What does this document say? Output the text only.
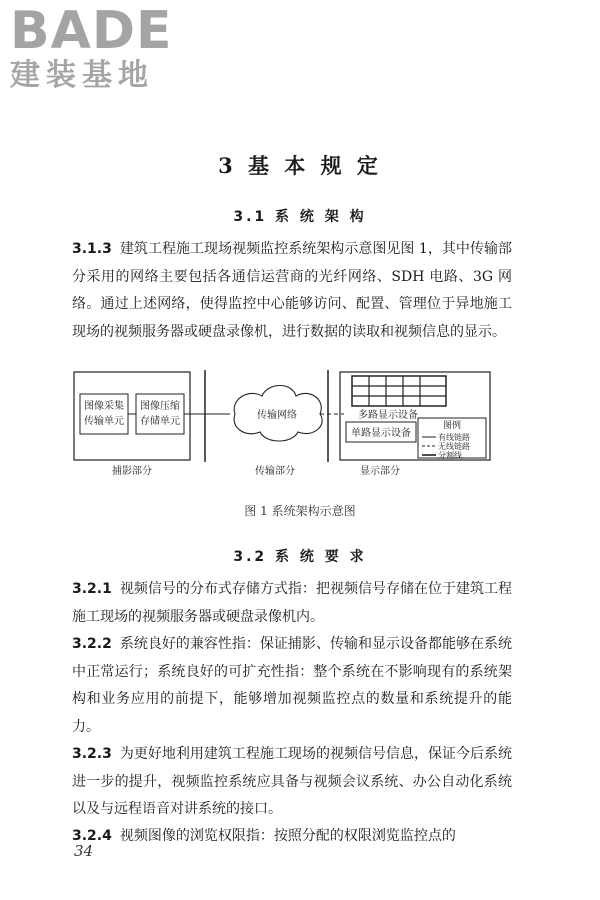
BADE
建装基地
3 基 本 规 定
3.1 系 统 架 构
3.1.3 建筑工程施工现场视频监控系统架构示意图见图 1，其中传输部分采用的网络主要包括各通信运营商的光纤网络、SDH 电路、3G 网络。通过上述网络，使得监控中心能够访问、配置、管理位于异地施工现场的视频服务器或硬盘录像机，进行数据的读取和视频信息的显示。
图像采集
传输单元
图像压缩
存储单元
捕影部分
传输网络
传输部分
多路显示设备
单路显示设备
显示部分
图例
有线链路
无线链路
分割线
图 1 系统架构示意图
3.2 系 统 要 求
3.2.1 视频信号的分布式存储方式指：把视频信号存储在位于建筑工程施工现场的视频服务器或硬盘录像机内。
3.2.2 系统良好的兼容性指：保证捕影、传输和显示设备都能够在系统中正常运行；系统良好的可扩充性指：整个系统在不影响现有的系统架构和业务应用的前提下，能够增加视频监控点的数量和系统提升的能力。
3.2.3 为更好地利用建筑工程施工现场的视频信号信息，保证今后系统进一步的提升，视频监控系统应具备与视频会议系统、办公自动化系统以及与远程语音对讲系统的接口。
3.2.4 视频图像的浏览权限指：按照分配的权限浏览监控点的
34
